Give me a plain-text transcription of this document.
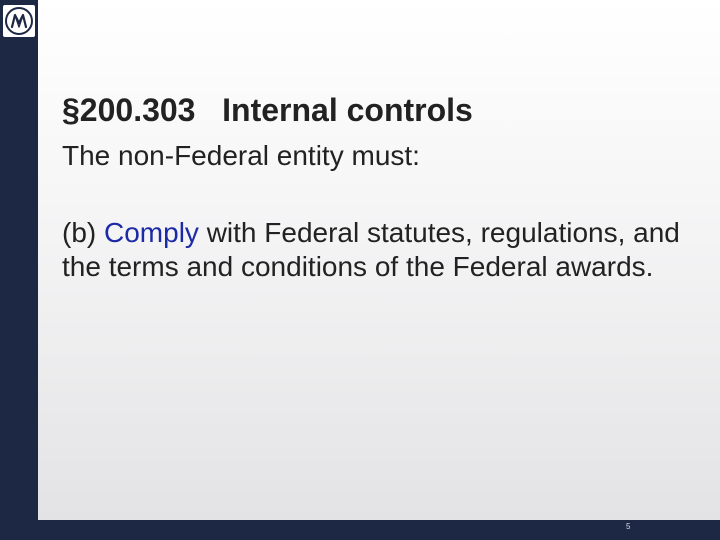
§200.303   Internal controls
The non-Federal entity must:
(b) Comply with Federal statutes, regulations, and the terms and conditions of the Federal awards.
5
